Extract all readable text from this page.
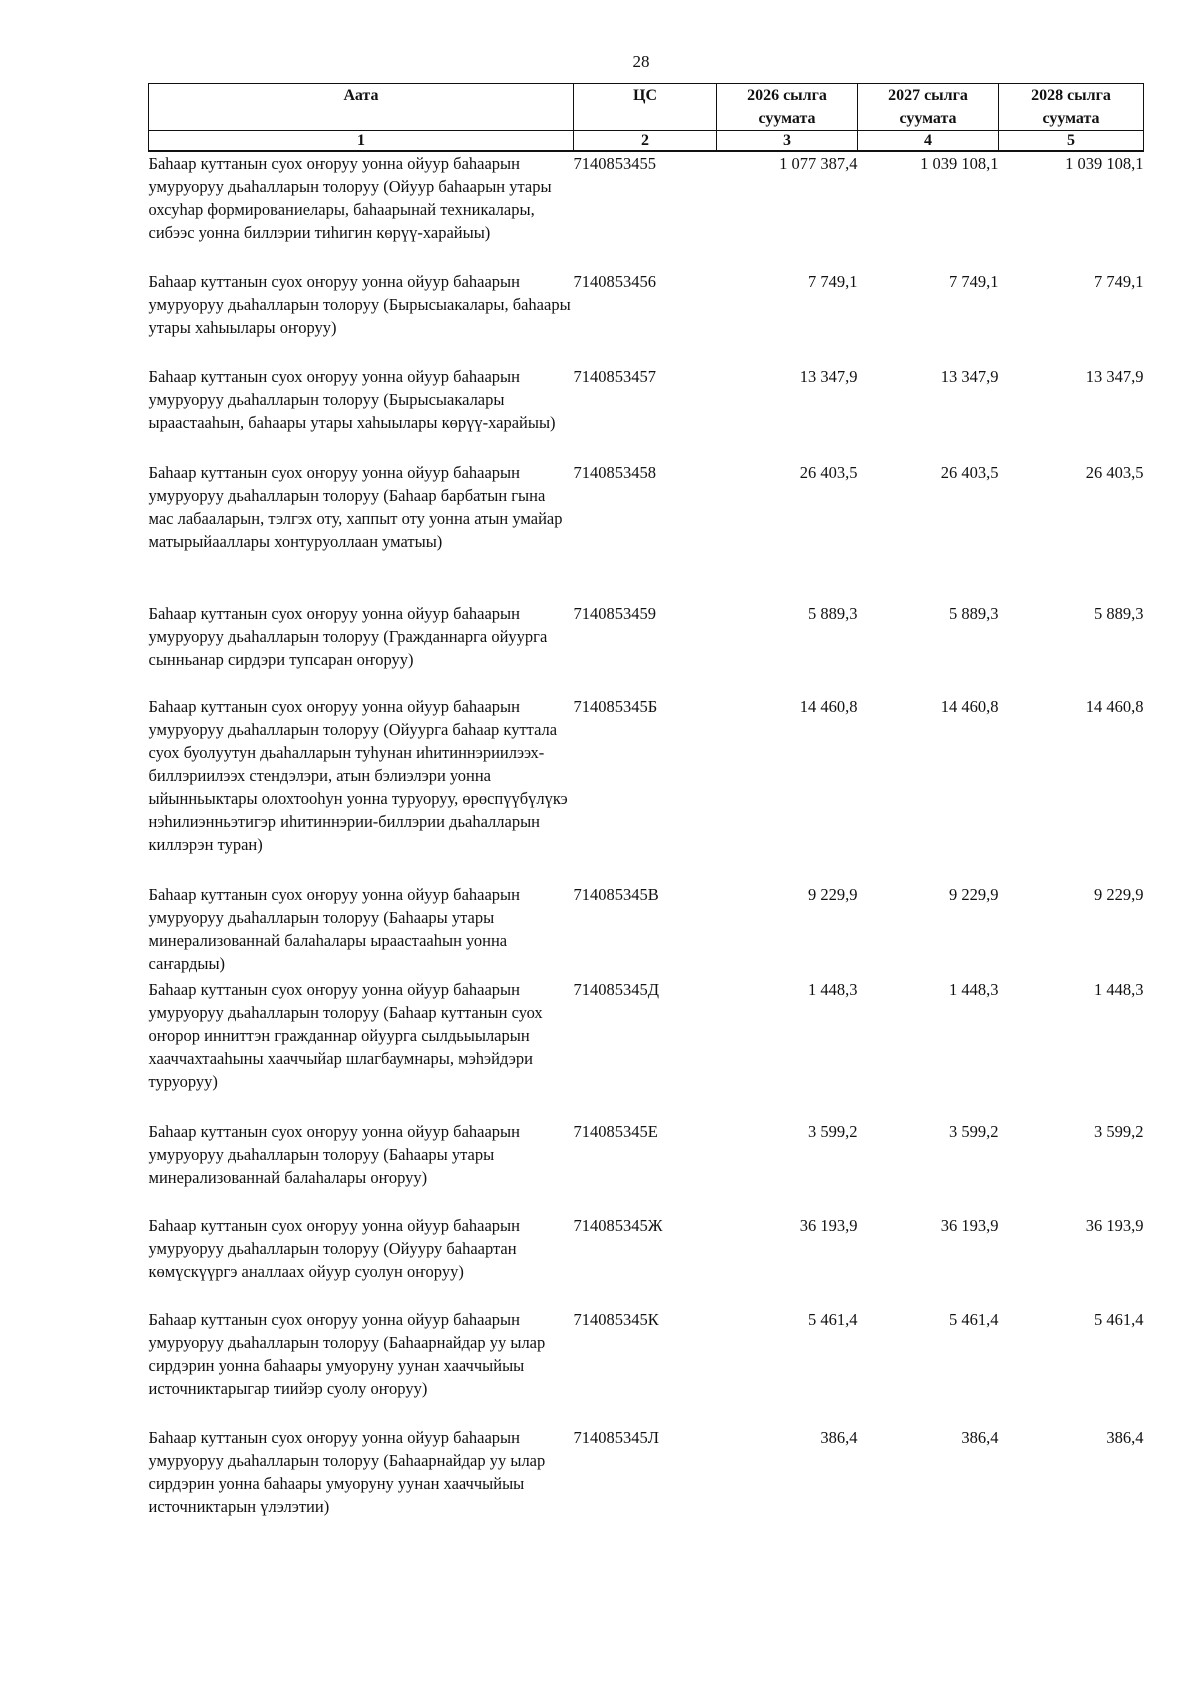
28
Аата	ЦС	2026 сылга суумата	2027 сылга суумата	2028 сылга суумата
1	2	3	4	5
Баһаар куттанын суох оҥоруу уонна ойуур баһаарын умуруоруу дьаһалларын толоруу (Ойуур баһаарын утары охсуһар формированиелары, баһаарынай техникалары, сибээс уонна биллэрии тиһигин көрүү-харайыы)	7140853455	1 077 387,4	1 039 108,1	1 039 108,1
Баһаар куттанын суох оҥоруу уонна ойуур баһаарын умуруоруу дьаһалларын толоруу (Бырысыакалары, баһаары утары хаһыылары оҥоруу)	7140853456	7 749,1	7 749,1	7 749,1
Баһаар куттанын суох оҥоруу уонна ойуур баһаарын умуруоруу дьаһалларын толоруу (Бырысыакалары ыраастааһын, баһаары утары хаһыылары көрүү-харайыы)	7140853457	13 347,9	13 347,9	13 347,9
Баһаар куттанын суох оҥоруу уонна ойуур баһаарын умуруоруу дьаһалларын толоруу (Баһаар барбатын гына мас лабааларын, тэлгэх оту, хаппыт оту уонна атын умайар матырыйааллары хонтуруоллаан уматыы)	7140853458	26 403,5	26 403,5	26 403,5
Баһаар куттанын суох оҥоруу уонна ойуур баһаарын умуруоруу дьаһалларын толоруу (Гражданнарга ойуурга сынньанар сирдэри тупсаран оҥоруу)	7140853459	5 889,3	5 889,3	5 889,3
Баһаар куттанын суох оҥоруу уонна ойуур баһаарын умуруоруу дьаһалларын толоруу (Ойуурга баһаар куттала суох буолуутун дьаһалларын туһунан иһитиннэриилээх-биллэриилээх стендэлэри, атын бэлиэлэри уонна ыйынньыктары олохтооһун уонна туруоруу, өрөспүүбүлүкэ нэһилиэнньэтигэр иһитиннэрии-биллэрии дьаһалларын киллэрэн туран)	714085345Б	14 460,8	14 460,8	14 460,8
Баһаар куттанын суох оҥоруу уонна ойуур баһаарын умуруоруу дьаһалларын толоруу (Баһаары утары минерализованнай балаһалары ыраастааһын уонна саҥардыы)	714085345В	9 229,9	9 229,9	9 229,9
Баһаар куттанын суох оҥоруу уонна ойуур баһаарын умуруоруу дьаһалларын толоруу (Баһаар куттанын суох оҥорор инниттэн гражданнар ойуурга сылдьыыларын хааччахтааһыны хааччыйар шлагбаумнары, мэһэйдэри туруоруу)	714085345Д	1 448,3	1 448,3	1 448,3
Баһаар куттанын суох оҥоруу уонна ойуур баһаарын умуруоруу дьаһалларын толоруу (Баһаары утары минерализованнай балаһалары оҥоруу)	714085345Е	3 599,2	3 599,2	3 599,2
Баһаар куттанын суох оҥоруу уонна ойуур баһаарын умуруоруу дьаһалларын толоруу (Ойууру баһаартан көмүскүүргэ аналлаах ойуур суолун оҥоруу)	714085345Ж	36 193,9	36 193,9	36 193,9
Баһаар куттанын суох оҥоруу уонна ойуур баһаарын умуруоруу дьаһалларын толоруу (Баһаарнайдар уу ылар сирдэрин уонна баһаары умуоруну уунан хааччыйыы источниктарыгар тиийэр суолу оҥоруу)	714085345К	5 461,4	5 461,4	5 461,4
Баһаар куттанын суох оҥоруу уонна ойуур баһаарын умуруоруу дьаһалларын толоруу (Баһаарнайдар уу ылар сирдэрин уонна баһаары умуоруну уунан хааччыйыы источниктарын үлэлэтии)	714085345Л	386,4	386,4	386,4
